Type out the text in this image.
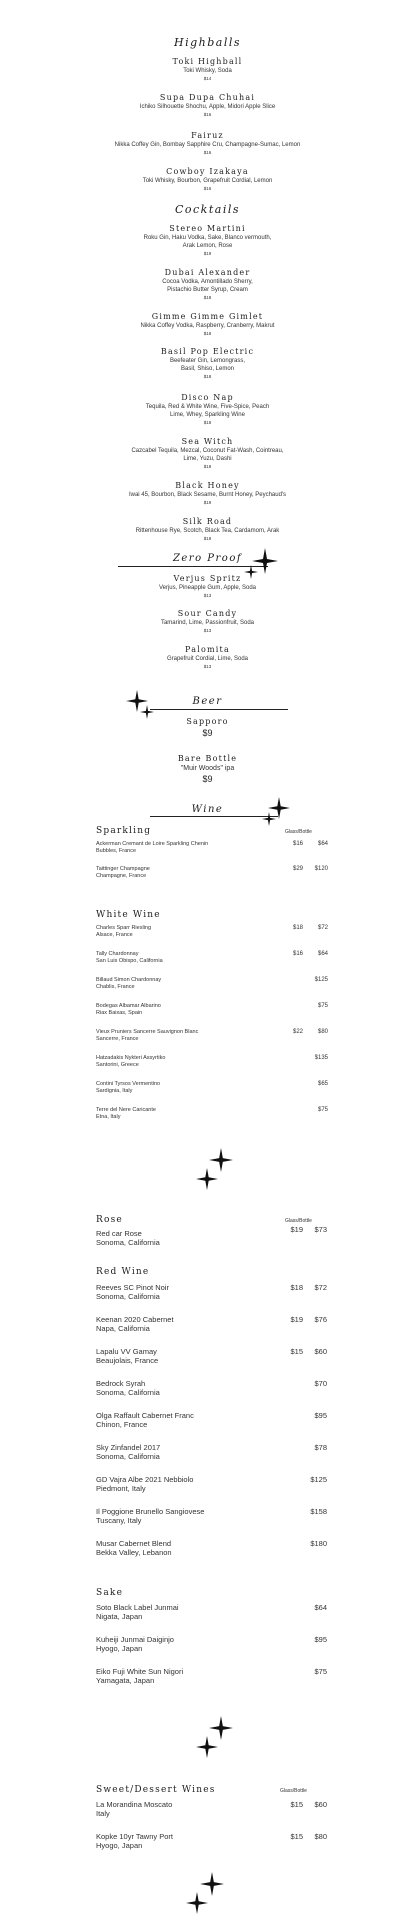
Highballs
Toki Highball
Toki Whisky, Soda
$14
Supa Dupa Chuhai
Ichiko Silhouette Shochu, Apple, Midori Apple Slice
$16
Fairuz
Nikka Coffey Gin, Bombay Sapphire Cru, Champagne-Sumac, Lemon
$16
Cowboy Izakaya
Toki Whisky, Bourbon, Grapefruit Cordial, Lemon
$16
Cocktails
Stereo Martini
Roku Gin, Haku Vodka, Sake, Blanco vermouth,
Arak Lemon, Rose
$19
Dubai Alexander
Cocoa Vodka, Amontillado Sherry,
Pistachio Butter Syrup, Cream
$18
Gimme Gimme Gimlet
Nikka Coffey Vodka, Raspberry, Cranberry, Makrut
$18
Basil Pop Electric
Beefeater Gin, Lemongrass,
Basil, Shiso, Lemon
$18
Disco Nap
Tequila, Red & White Wine, Five-Spice, Peach
Lime, Whey, Sparkling Wine
$18
Sea Witch
Cazcabel Tequila, Mezcal, Coconut Fat-Wash, Cointreau,
Lime, Yuzu, Dashi
$18
Black Honey
Iwai 45, Bourbon, Black Sesame, Burnt Honey, Peychaud's
$19
Silk Road
Rittenhouse Rye, Scotch, Black Tea, Cardamom, Arak
$18
Zero Proof
Verjus Spritz
Verjus, Pineapple Gum, Apple, Soda
$13
Sour Candy
Tamarind, Lime, Passionfruit, Soda
$13
Palomita
Grapefruit Cordial, Lime, Soda
$13
Beer
Sapporo
$9
Bare Bottle
"Muir Woods" ipa
$9
Wine
Sparkling	Glass/Bottle
Ackerman Cremant de Loire Sparkling Chenin
Bubbles, France
$16	$64
Taittinger Champagne
Champagne, France
$29	$120
White Wine
Charles Sparr Riesling
Alsace, France
$18	$72
Tally Chardonnay
San Luis Obispo, California
$16	$64
Billaud Simon Chardonnay
Chablis, France
$125
Bodegas Albamar Albarino
Riax Baixas, Spain
$75
Vieux Pruniers Sancerre Sauvignon Blanc
Sancerre, France
$22	$80
Hatzadakis Nykteri Assyrtiko
Santorini, Greece
$135
Contini Tyrsos Vermentino
Sardignia, Italy
$65
Terre del Nere Caricante
Etna, Italy
$75
Rose	Glass/Bottle
Red car Rose
Sonoma, California
$19	$73
Red Wine
Reeves SC Pinot Noir
Sonoma, California
$18	$72
Keenan 2020 Cabernet
Napa, California
$19	$76
Lapalu VV Gamay
Beaujolais, France
$15	$60
Bedrock Syrah
Sonoma, California
$70
Olga Raffault Cabernet Franc
Chinon, France
$95
Sky Zinfandel 2017
Sonoma, California
$78
GD Vajra Albe 2021 Nebbiolo
Piedmont, Italy
$125
Il Poggione Brunello Sangiovese
Tuscany, Italy
$158
Musar Cabernet Blend
Bekka Valley, Lebanon
$180
Sake
Soto Black Label Junmai
Nigata, Japan
$64
Kuheiji Junmai Daiginjo
Hyogo, Japan
$95
Eiko Fuji White Sun Nigori
Yamagata, Japan
$75
Sweet/Dessert Wines	Glass/Bottle
La Morandina Moscato
Italy
$15	$60
Kopke 10yr Tawny Port
Hyogo, Japan
$15	$80
